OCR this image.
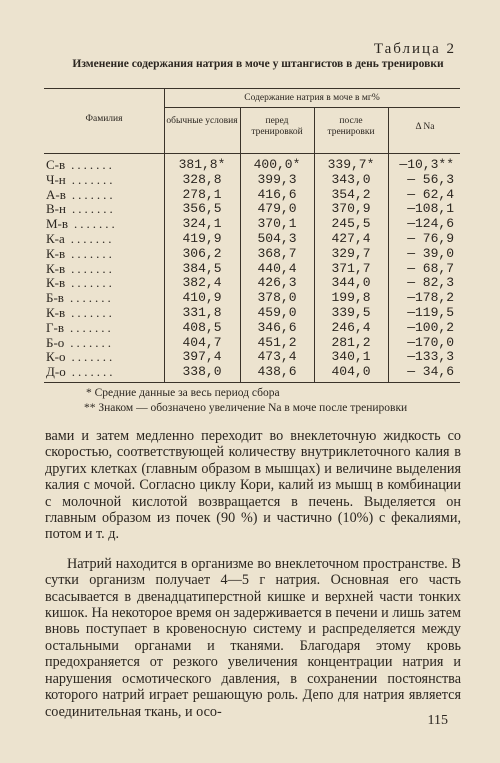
Таблица 2
Изменение содержания натрия в моче у штангистов в день тренировки
Фамилия
Содержание натрия в моче в мг%
обычные условия	перед тренировкой
после тренировки	Δ Na
С-в .......
Ч-н .......
А-в .......
В-н .......
М-в .......
К-а .......
К-в .......
К-в .......
К-в .......
Б-в .......
К-в .......
Г-в .......
Б-о .......
К-о .......
Д-о .......
381,8*
328,8
278,1
356,5
324,1
419,9
306,2
384,5
382,4
410,9
331,8
408,5
404,7
397,4
338,0
400,0*
399,3
416,6
479,0
370,1
504,3
368,7
440,4
426,3
378,0
459,0
346,6
451,2
473,4
438,6
339,7*
343,0
354,2
370,9
245,5
427,4
329,7
371,7
344,0
199,8
339,5
246,4
281,2
340,1
404,0
—10,3**
— 56,3
— 62,4
—108,1
—124,6
— 76,9
— 39,0
— 68,7
— 82,3
—178,2
—119,5
—100,2
—170,0
—133,3
— 34,6
* Средние данные за весь период сбора
** Знаком — обозначено увеличение Na в моче после тренировки

вами и затем медленно переходит во внеклеточную жидкость со скоростью, соответствующей количеству внутриклеточного калия в других клетках (главным образом в мышцах) и величине выделения калия с мочой. Согласно циклу Кори, калий из мышц в комбинации с молочной кислотой возвращается в печень. Выделяется он главным образом из почек (90 %) и частично (10%) с фекалиями, потом и т. д.

Натрий находится в организме во внеклеточном пространстве. В сутки организм получает 4—5 г натрия. Основная его часть всасывается в двенадцатиперстной кишке и верхней части тонких кишок. На некоторое время он задерживается в печени и лишь затем вновь поступает в кровеносную систему и распределяется между остальными органами и тканями. Благодаря этому кровь предохраняется от резкого увеличения концентрации натрия и нарушения осмотического давления, в сохранении постоянства которого натрий играет решающую роль. Депо для натрия является соединительная ткань, и осо-

115
